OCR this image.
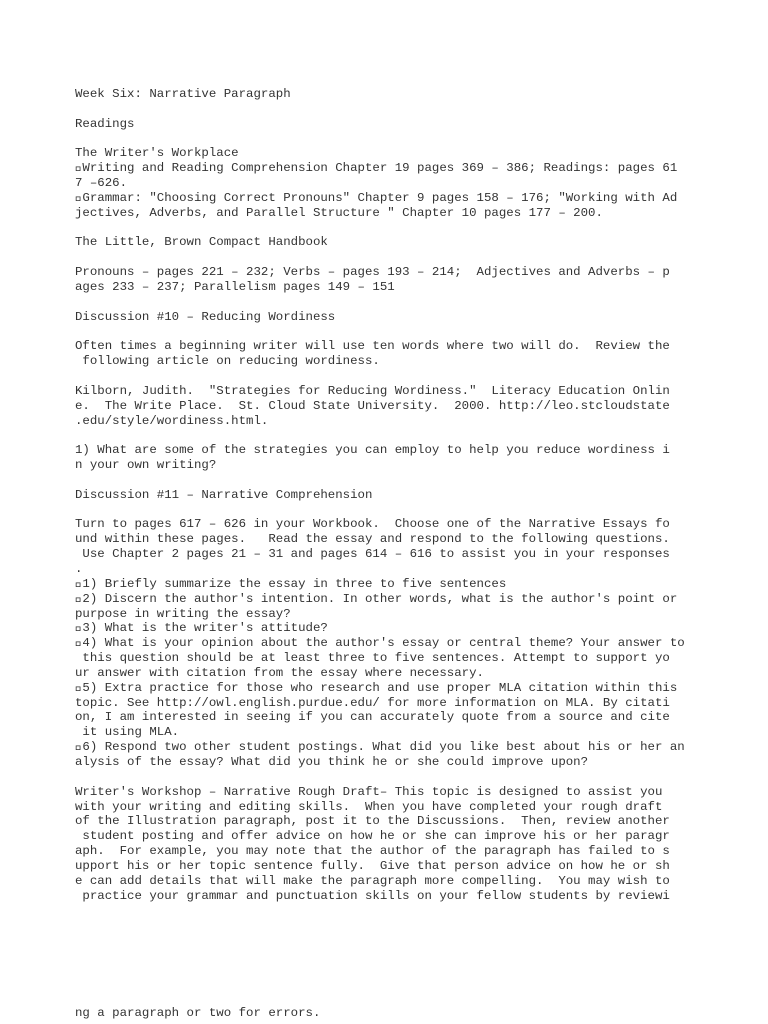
Week Six: Narrative Paragraph
Readings
The Writer's Workplace
Writing and Reading Comprehension Chapter 19 pages 369 – 386; Readings: pages 61
7 –626.
Grammar: "Choosing Correct Pronouns" Chapter 9 pages 158 – 176; "Working with Ad
jectives, Adverbs, and Parallel Structure " Chapter 10 pages 177 – 200.
The Little, Brown Compact Handbook
Pronouns – pages 221 – 232; Verbs – pages 193 – 214;  Adjectives and Adverbs – p
ages 233 – 237; Parallelism pages 149 – 151
Discussion #10 – Reducing Wordiness
Often times a beginning writer will use ten words where two will do.  Review the
following article on reducing wordiness.
Kilborn, Judith.  "Strategies for Reducing Wordiness."  Literacy Education Onlin
e.  The Write Place.  St. Cloud State University.  2000. http://leo.stcloudstate
.edu/style/wordiness.html.
1) What are some of the strategies you can employ to help you reduce wordiness i
n your own writing?
Discussion #11 – Narrative Comprehension
Turn to pages 617 – 626 in your Workbook.  Choose one of the Narrative Essays fo
und within these pages.   Read the essay and respond to the following questions.
Use Chapter 2 pages 21 – 31 and pages 614 – 616 to assist you in your responses
.
1) Briefly summarize the essay in three to five sentences
2) Discern the author's intention. In other words, what is the author's point or
purpose in writing the essay?
3) What is the writer's attitude?
4) What is your opinion about the author's essay or central theme? Your answer to
this question should be at least three to five sentences. Attempt to support yo
ur answer with citation from the essay where necessary.
5) Extra practice for those who research and use proper MLA citation within this
topic. See http://owl.english.purdue.edu/ for more information on MLA. By citati
on, I am interested in seeing if you can accurately quote from a source and cite
it using MLA.
6) Respond two other student postings. What did you like best about his or her an
alysis of the essay? What did you think he or she could improve upon?
Writer's Workshop – Narrative Rough Draft– This topic is designed to assist you
with your writing and editing skills.  When you have completed your rough draft
of the Illustration paragraph, post it to the Discussions.  Then, review another
student posting and offer advice on how he or she can improve his or her paragr
aph.  For example, you may note that the author of the paragraph has failed to s
upport his or her topic sentence fully.  Give that person advice on how he or sh
e can add details that will make the paragraph more compelling.  You may wish to
practice your grammar and punctuation skills on your fellow students by reviewi
ng a paragraph or two for errors.
